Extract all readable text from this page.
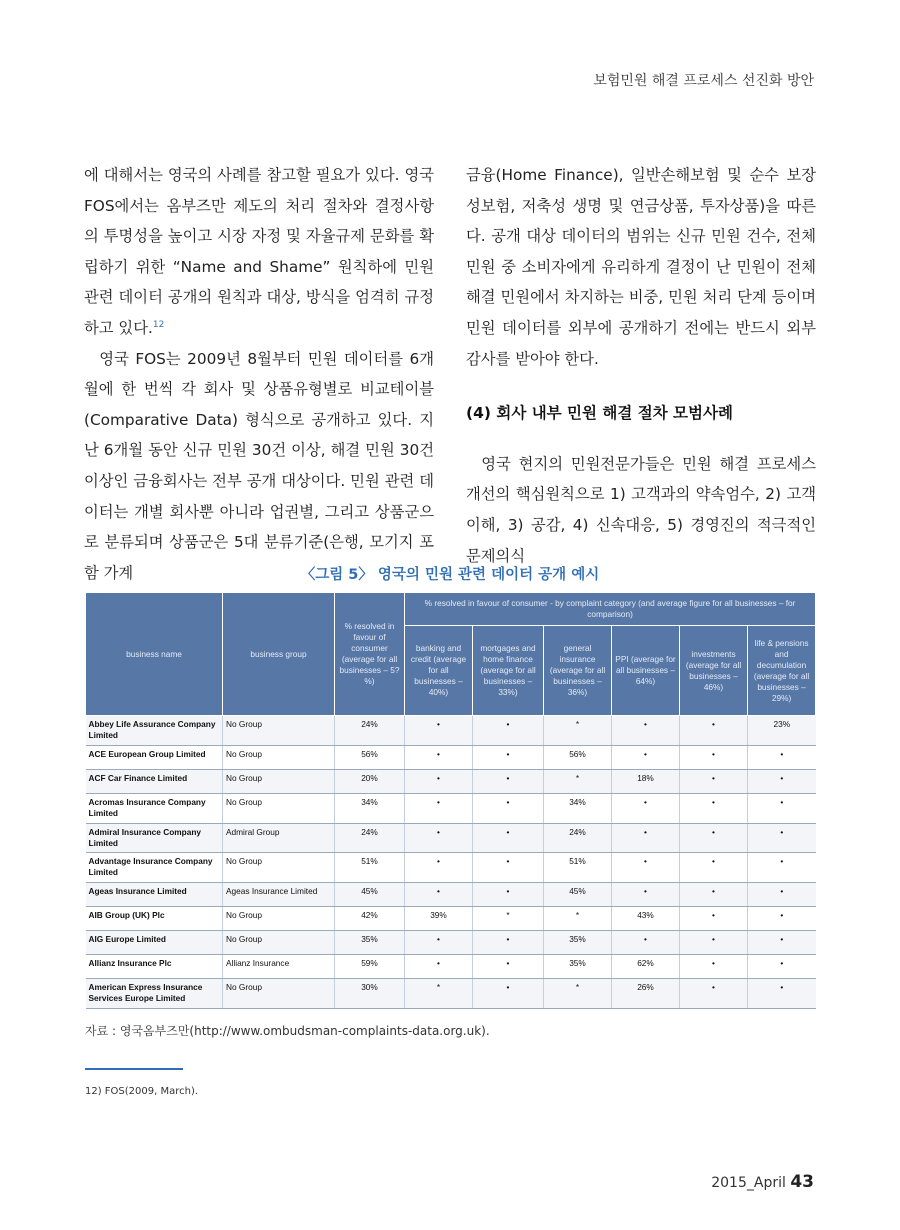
보험민원 해결 프로세스 선진화 방안

에 대해서는 영국의 사례를 참고할 필요가 있다. 영국 FOS에서는 옴부즈만 제도의 처리 절차와 결정사항의 투명성을 높이고 시장 자정 및 자율규제 문화를 확립하기 위한 “Name and Shame” 원칙하에 민원 관련 데이터 공개의 원칙과 대상, 방식을 엄격히 규정하고 있다.$^{12}$

영국 FOS는 2009년 8월부터 민원 데이터를 6개월에 한 번씩 각 회사 및 상품유형별로 비교테이블(Comparative Data) 형식으로 공개하고 있다. 지난 6개월 동안 신규 민원 30건 이상, 해결 민원 30건 이상인 금융회사는 전부 공개 대상이다. 민원 관련 데이터는 개별 회사뿐 아니라 업권별, 그리고 상품군으로 분류되며 상품군은 5대 분류기준(은행, 모기지 포함 가계

금융(Home Finance), 일반손해보험 및 순수 보장성보험, 저축성 생명 및 연금상품, 투자상품)을 따른다. 공개 대상 데이터의 범위는 신규 민원 건수, 전체 민원 중 소비자에게 유리하게 결정이 난 민원이 전체 해결 민원에서 차지하는 비중, 민원 처리 단계 등이며 민원 데이터를 외부에 공개하기 전에는 반드시 외부감사를 받아야 한다.

(4) 회사 내부 민원 해결 절차 모범사례

영국 현지의 민원전문가들은 민원 해결 프로세스 개선의 핵심원칙으로 1) 고객과의 약속엄수, 2) 고객이해, 3) 공감, 4) 신속대응, 5) 경영진의 적극적인 문제의식

〈그림 5〉 영국의 민원 관련 데이터 공개 예시
business name	business group	% resolved in favour of consumer (average for all businesses – 5?%)	% resolved in favour of consumer - by complaint category (and average figure for all businesses – for comparison)					
			banking and credit (average for all businesses – 40%)	mortgages and home finance (average for all businesses – 33%)	general insurance (average for all businesses – 36%)	PPI (average for all businesses – 64%)	investments (average for all businesses – 46%)	life & pensions and decumulation (average for all businesses – 29%)
Abbey Life Assurance Company Limited	No Group	24%	•	•	*	•	•	23%
ACE European Group Limited	No Group	56%	•	•	56%	•	•	•
ACF Car Finance Limited	No Group	20%	•	•	*	18%	•	•
Acromas Insurance Company Limited	No Group	34%	•	•	34%	•	•	•
Admiral Insurance Company Limited	Admiral Group	24%	•	•	24%	•	•	•
Advantage Insurance Company Limited	No Group	51%	•	•	51%	•	•	•
Ageas Insurance Limited	Ageas Insurance Limited	45%	•	•	45%	•	•	•
AIB Group (UK) Plc	No Group	42%	39%	*	*	43%	•	•
AIG Europe Limited	No Group	35%	•	•	35%	•	•	•
Allianz Insurance Plc	Allianz Insurance	59%	•	•	35%	62%	•	•
American Express Insurance Services Europe Limited	No Group	30%	*	•	*	26%	•	•
자료 : 영국옴부즈만(http://www.ombudsman-complaints-data.org.uk).
12) FOS(2009, March).
2015_April 43
